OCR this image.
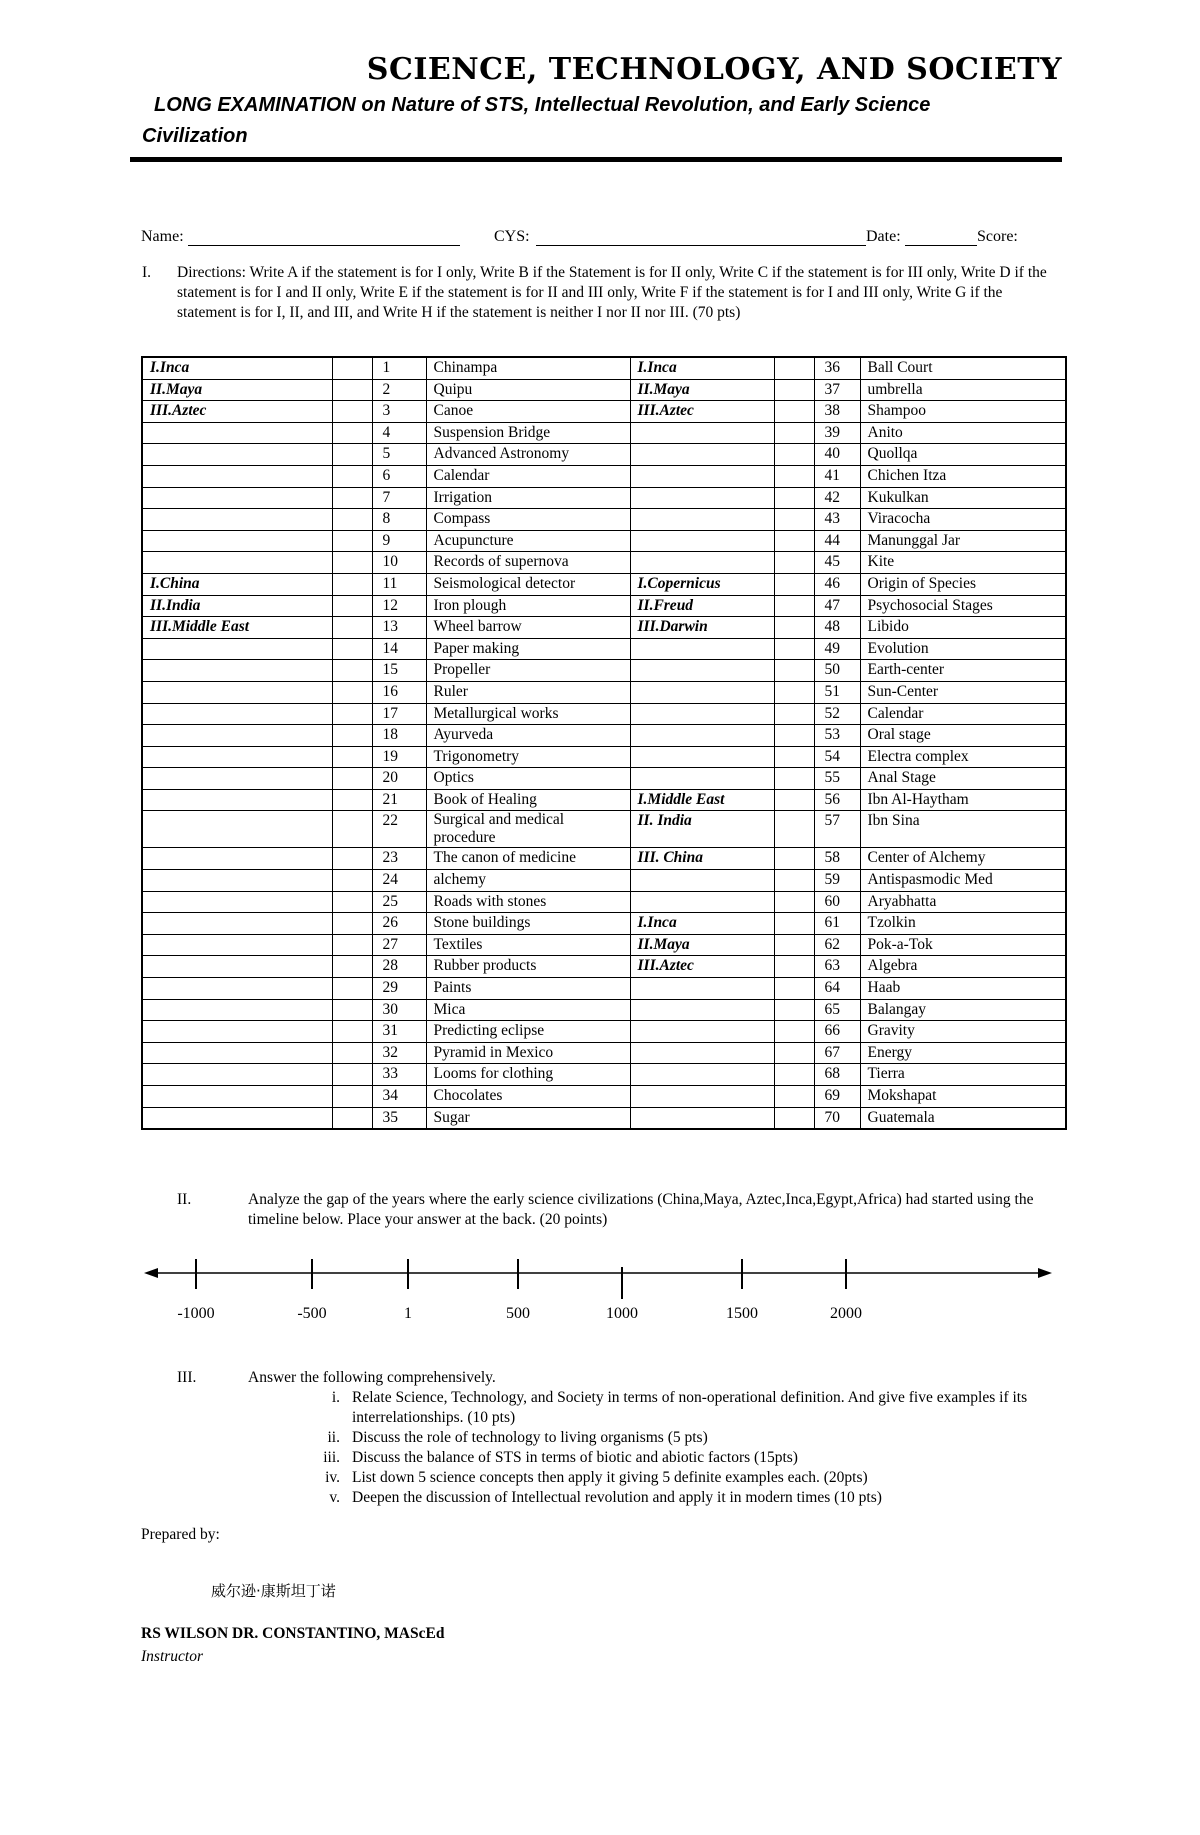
SCIENCE, TECHNOLOGY, AND SOCIETY
LONG EXAMINATION on Nature of STS, Intellectual Revolution, and Early Science
Civilization
Name:	CYS:	Date:	Score:
I.	Directions: Write A if the statement is for I only, Write B if the Statement is for II only, Write C if the statement is for III only, Write D if the statement is for I and II only, Write E if the statement is for II and III only, Write F if the statement is for I and III only, Write G if the statement is for I, II, and III, and Write H if the statement is neither I nor II nor III. (70 pts)
I.Inca		1	Chinampa	I.Inca		36	Ball Court
II.Maya		2	Quipu	II.Maya		37	umbrella
III.Aztec		3	Canoe	III.Aztec		38	Shampoo
		4	Suspension Bridge			39	Anito
		5	Advanced Astronomy			40	Quollqa
		6	Calendar			41	Chichen Itza
		7	Irrigation			42	Kukulkan
		8	Compass			43	Viracocha
		9	Acupuncture			44	Manunggal Jar
		10	Records of supernova			45	Kite
I.China		11	Seismological detector	I.Copernicus		46	Origin of Species
II.India		12	Iron plough	II.Freud		47	Psychosocial Stages
III.Middle East		13	Wheel barrow	III.Darwin		48	Libido
		14	Paper making			49	Evolution
		15	Propeller			50	Earth-center
		16	Ruler			51	Sun-Center
		17	Metallurgical works			52	Calendar
		18	Ayurveda			53	Oral stage
		19	Trigonometry			54	Electra complex
		20	Optics			55	Anal Stage
		21	Book of Healing	I.Middle East		56	Ibn Al-Haytham
		22	Surgical and medical procedure	II. India		57	Ibn Sina
		23	The canon of medicine	III. China		58	Center of Alchemy
		24	alchemy			59	Antispasmodic Med
		25	Roads with stones			60	Aryabhatta
		26	Stone buildings	I.Inca		61	Tzolkin
		27	Textiles	II.Maya		62	Pok-a-Tok
		28	Rubber products	III.Aztec		63	Algebra
		29	Paints			64	Haab
		30	Mica			65	Balangay
		31	Predicting eclipse			66	Gravity
		32	Pyramid in Mexico			67	Energy
		33	Looms for clothing			68	Tierra
		34	Chocolates			69	Mokshapat
		35	Sugar			70	Guatemala
II.	Analyze the gap of the years where the early science civilizations (China,Maya, Aztec,Inca,Egypt,Africa) had started using the timeline below. Place your answer at the back. (20 points)
-1000	-500	1	500	1000	1500	2000
III.	Answer the following comprehensively.
i. Relate Science, Technology, and Society in terms of non-operational definition. And give five examples if its interrelationships. (10 pts)
ii. Discuss the role of technology to living organisms (5 pts)
iii. Discuss the balance of STS in terms of biotic and abiotic factors (15pts)
iv. List down 5 science concepts then apply it giving 5 definite examples each. (20pts)
v. Deepen the discussion of Intellectual revolution and apply it in modern times (10 pts)
Prepared by:
威尔逊·康斯坦丁诺
RS WILSON DR. CONSTANTINO, MAScEd
Instructor
